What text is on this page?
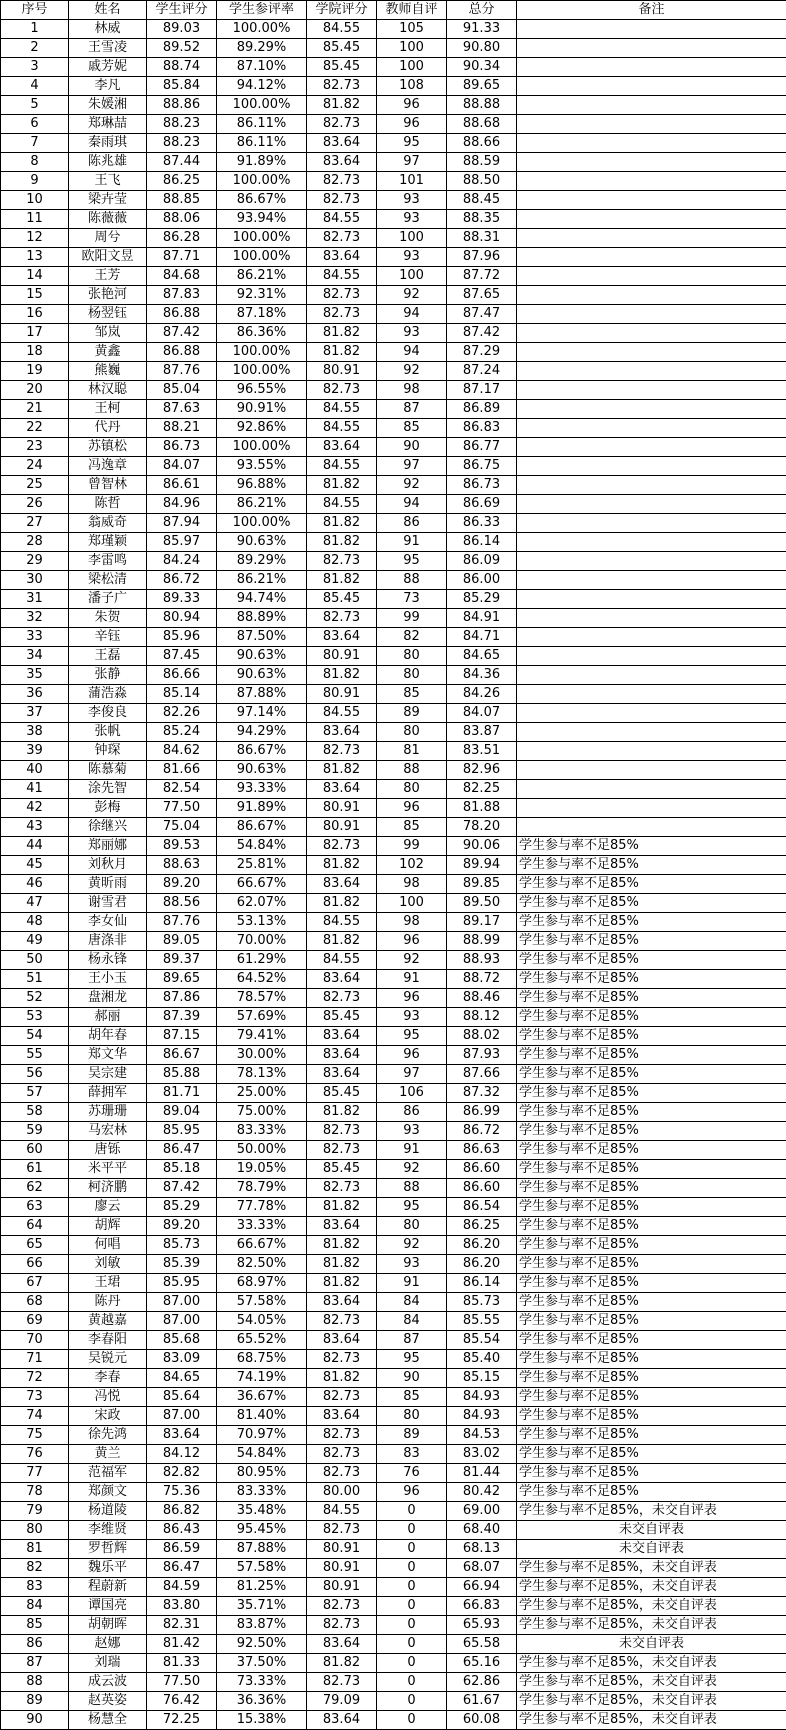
序号	姓名	学生评分	学生参评率	学院评分	教师自评	总分	备注
1	林威	89.03	100.00%	84.55	105	91.33	
2	王雪凌	89.52	89.29%	85.45	100	90.80	
3	戚芳妮	88.74	87.10%	85.45	100	90.34	
4	李凡	85.84	94.12%	82.73	108	89.65	
5	朱媛湘	88.86	100.00%	81.82	96	88.88	
6	郑琳喆	88.23	86.11%	82.73	96	88.68	
7	秦雨琪	88.23	86.11%	83.64	95	88.66	
8	陈兆雄	87.44	91.89%	83.64	97	88.59	
9	王飞	86.25	100.00%	82.73	101	88.50	
10	梁卉莹	88.85	86.67%	82.73	93	88.45	
11	陈薇薇	88.06	93.94%	84.55	93	88.35	
12	周兮	86.28	100.00%	82.73	100	88.31	
13	欧阳文昱	87.71	100.00%	83.64	93	87.96	
14	王芳	84.68	86.21%	84.55	100	87.72	
15	张艳河	87.83	92.31%	82.73	92	87.65	
16	杨翌钰	86.88	87.18%	82.73	94	87.47	
17	邹岚	87.42	86.36%	81.82	93	87.42	
18	黄鑫	86.88	100.00%	81.82	94	87.29	
19	熊巍	87.76	100.00%	80.91	92	87.24	
20	林汉聪	85.04	96.55%	82.73	98	87.17	
21	王柯	87.63	90.91%	84.55	87	86.89	
22	代丹	88.21	92.86%	84.55	85	86.83	
23	苏镇松	86.73	100.00%	83.64	90	86.77	
24	冯逸章	84.07	93.55%	84.55	97	86.75	
25	曾智林	86.61	96.88%	81.82	92	86.73	
26	陈哲	84.96	86.21%	84.55	94	86.69	
27	翁威奇	87.94	100.00%	81.82	86	86.33	
28	郑瑾颖	85.97	90.63%	81.82	91	86.14	
29	李雷鸣	84.24	89.29%	82.73	95	86.09	
30	梁松清	86.72	86.21%	81.82	88	86.00	
31	潘子广	89.33	94.74%	85.45	73	85.29	
32	朱贺	80.94	88.89%	82.73	99	84.91	
33	辛钰	85.96	87.50%	83.64	82	84.71	
34	王磊	87.45	90.63%	80.91	80	84.65	
35	张静	86.66	90.63%	81.82	80	84.36	
36	蒲浩淼	85.14	87.88%	80.91	85	84.26	
37	李俊良	82.26	97.14%	84.55	89	84.07	
38	张帆	85.24	94.29%	83.64	80	83.87	
39	钟琛	84.62	86.67%	82.73	81	83.51	
40	陈慕菊	81.66	90.63%	81.82	88	82.96	
41	涂先智	82.54	93.33%	83.64	80	82.25	
42	彭梅	77.50	91.89%	80.91	96	81.88	
43	徐继兴	75.04	86.67%	80.91	85	78.20	
44	郑丽娜	89.53	54.84%	82.73	99	90.06	学生参与率不足85%
45	刘秋月	88.63	25.81%	81.82	102	89.94	学生参与率不足85%
46	黄昕雨	89.20	66.67%	83.64	98	89.85	学生参与率不足85%
47	谢雪君	88.56	62.07%	81.82	100	89.50	学生参与率不足85%
48	李女仙	87.76	53.13%	84.55	98	89.17	学生参与率不足85%
49	唐涤非	89.05	70.00%	81.82	96	88.99	学生参与率不足85%
50	杨永锋	89.37	61.29%	84.55	92	88.93	学生参与率不足85%
51	王小玉	89.65	64.52%	83.64	91	88.72	学生参与率不足85%
52	盘湘龙	87.86	78.57%	82.73	96	88.46	学生参与率不足85%
53	郝丽	87.39	57.69%	85.45	93	88.12	学生参与率不足85%
54	胡年春	87.15	79.41%	83.64	95	88.02	学生参与率不足85%
55	郑文华	86.67	30.00%	83.64	96	87.93	学生参与率不足85%
56	吴宗建	85.88	78.13%	83.64	97	87.66	学生参与率不足85%
57	薛拥军	81.71	25.00%	85.45	106	87.32	学生参与率不足85%
58	苏珊珊	89.04	75.00%	81.82	86	86.99	学生参与率不足85%
59	马宏林	85.95	83.33%	82.73	93	86.72	学生参与率不足85%
60	唐铄	86.47	50.00%	82.73	91	86.63	学生参与率不足85%
61	米平平	85.18	19.05%	85.45	92	86.60	学生参与率不足85%
62	柯济鹏	87.42	78.79%	82.73	88	86.60	学生参与率不足85%
63	廖云	85.29	77.78%	81.82	95	86.54	学生参与率不足85%
64	胡辉	89.20	33.33%	83.64	80	86.25	学生参与率不足85%
65	何唱	85.73	66.67%	81.82	92	86.20	学生参与率不足85%
66	刘敏	85.39	82.50%	81.82	93	86.20	学生参与率不足85%
67	王珺	85.95	68.97%	81.82	91	86.14	学生参与率不足85%
68	陈丹	87.00	57.58%	83.64	84	85.73	学生参与率不足85%
69	黄越嘉	87.00	54.05%	82.73	84	85.55	学生参与率不足85%
70	李春阳	85.68	65.52%	83.64	87	85.54	学生参与率不足85%
71	吴锐元	83.09	68.75%	82.73	95	85.40	学生参与率不足85%
72	李春	84.65	74.19%	81.82	90	85.15	学生参与率不足85%
73	冯悦	85.64	36.67%	82.73	85	84.93	学生参与率不足85%
74	宋政	87.00	81.40%	83.64	80	84.93	学生参与率不足85%
75	徐先鸿	83.64	70.97%	82.73	89	84.53	学生参与率不足85%
76	黄兰	84.12	54.84%	82.73	83	83.02	学生参与率不足85%
77	范福军	82.82	80.95%	82.73	76	81.44	学生参与率不足85%
78	郑颜文	75.36	83.33%	80.00	96	80.42	学生参与率不足85%
79	杨道陵	86.82	35.48%	84.55	0	69.00	学生参与率不足85%，未交自评表
80	李维贤	86.43	95.45%	82.73	0	68.40	未交自评表
81	罗哲辉	86.59	87.88%	80.91	0	68.13	未交自评表
82	魏乐平	86.47	57.58%	80.91	0	68.07	学生参与率不足85%，未交自评表
83	程蔚新	84.59	81.25%	80.91	0	66.94	学生参与率不足85%，未交自评表
84	谭国亮	83.80	35.71%	82.73	0	66.83	学生参与率不足85%，未交自评表
85	胡朝晖	82.31	83.87%	82.73	0	65.93	学生参与率不足85%，未交自评表
86	赵娜	81.42	92.50%	83.64	0	65.58	未交自评表
87	刘瑞	81.33	37.50%	81.82	0	65.16	学生参与率不足85%，未交自评表
88	成云波	77.50	73.33%	82.73	0	62.86	学生参与率不足85%，未交自评表
89	赵英姿	76.42	36.36%	79.09	0	61.67	学生参与率不足85%，未交自评表
90	杨慧全	72.25	15.38%	83.64	0	60.08	学生参与率不足85%，未交自评表
